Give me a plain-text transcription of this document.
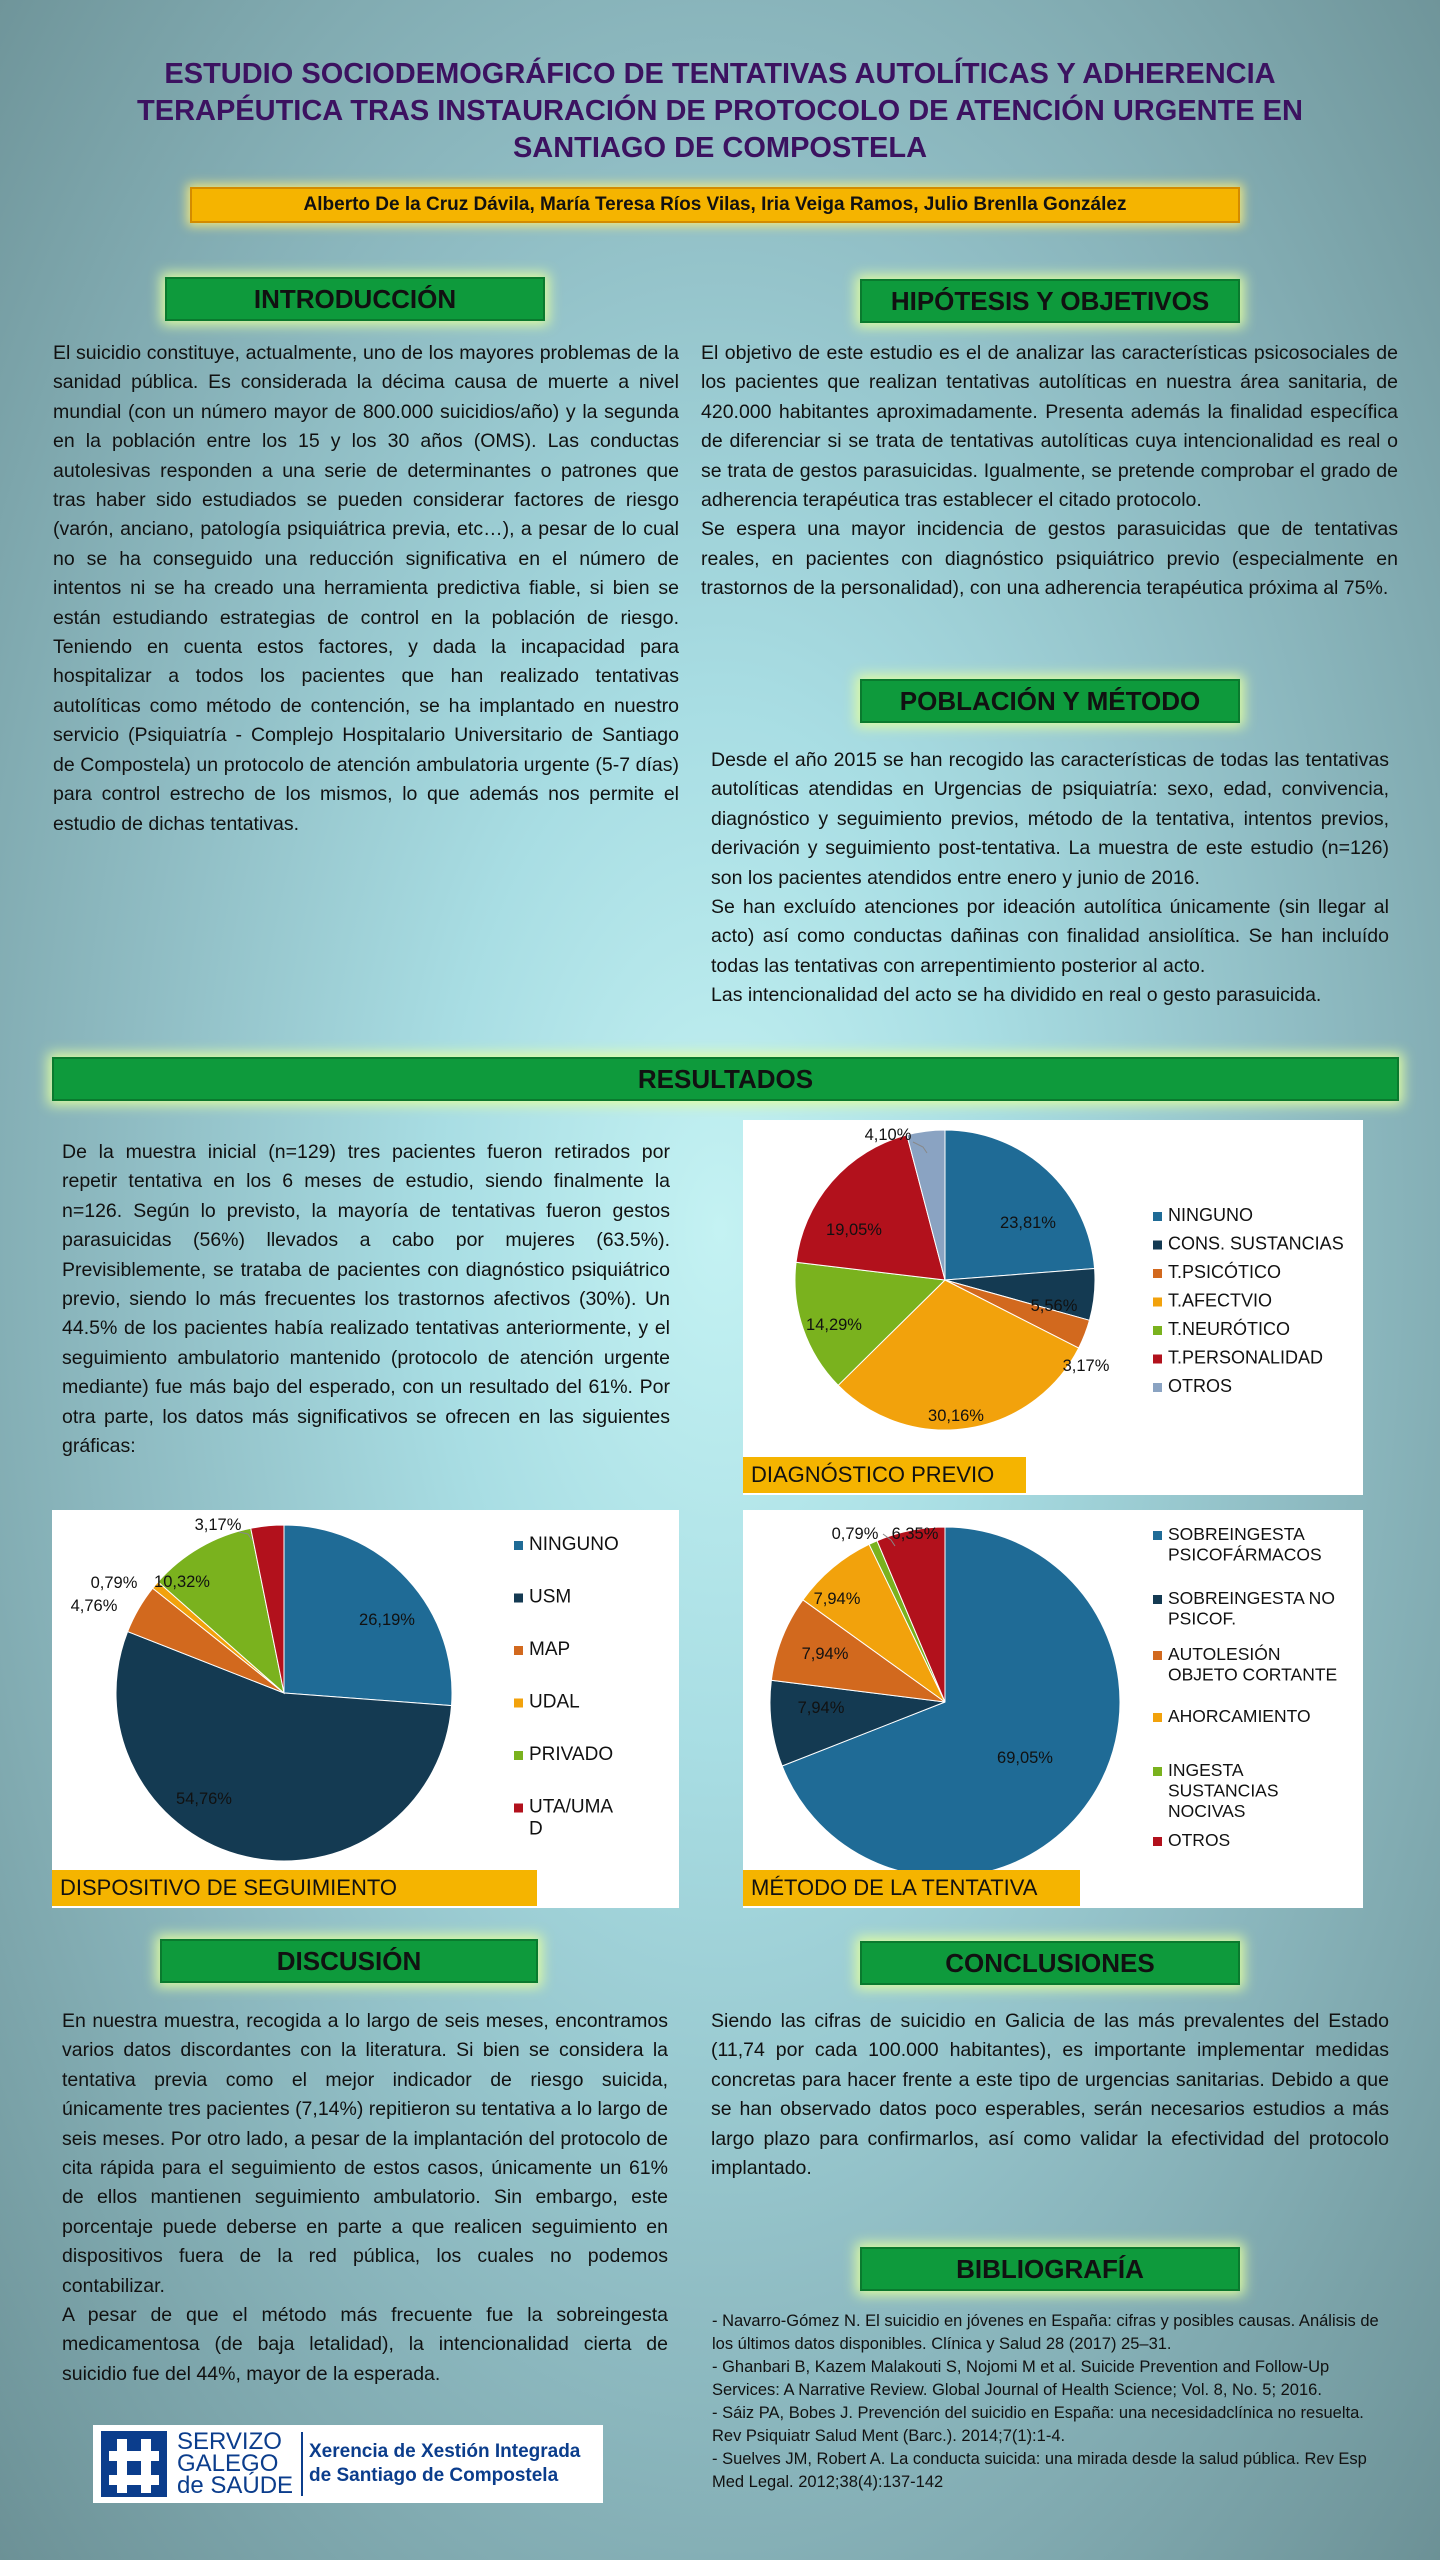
ESTUDIO SOCIODEMOGRÁFICO DE TENTATIVAS AUTOLÍTICAS Y ADHERENCIA TERAPÉUTICA TRAS INSTAURACIÓN DE PROTOCOLO DE ATENCIÓN URGENTE EN SANTIAGO DE COMPOSTELA
Alberto De la Cruz Dávila, María Teresa Ríos Vilas, Iria Veiga Ramos, Julio Brenlla González
INTRODUCCIÓN

El suicidio constituye, actualmente, uno de los mayores problemas de la sanidad pública. Es considerada la décima causa de muerte a nivel mundial (con un número mayor de 800.000 suicidios/año) y la segunda en la población entre los 15 y los 30 años (OMS). Las conductas autolesivas responden a una serie de determinantes o patrones que tras haber sido estudiados se pueden considerar factores de riesgo (varón, anciano, patología psiquiátrica previa, etc…), a pesar de lo cual no se ha conseguido una reducción significativa en el número de intentos ni se ha creado una herramienta predictiva fiable, si bien se están estudiando estrategias de control en la población de riesgo. Teniendo en cuenta estos factores, y dada la incapacidad para hospitalizar a todos los pacientes que han realizado tentativas autolíticas como método de contención, se ha implantado en nuestro servicio (Psiquiatría - Complejo Hospitalario Universitario de Santiago de Compostela) un protocolo de atención ambulatoria urgente (5-7 días) para control estrecho de los mismos, lo que además nos permite el estudio de dichas tentativas.

HIPÓTESIS Y OBJETIVOS

El objetivo de este estudio es el de analizar las características psicosociales de los pacientes que realizan tentativas autolíticas en nuestra área sanitaria, de 420.000 habitantes aproximadamente. Presenta además la finalidad específica de diferenciar si se trata de tentativas autolíticas cuya intencionalidad es real o se trata de gestos parasuicidas. Igualmente, se pretende comprobar el grado de adherencia terapéutica tras establecer el citado protocolo.

Se espera una mayor incidencia de gestos parasuicidas que de tentativas reales, en pacientes con diagnóstico psiquiátrico previo (especialmente en trastornos de la personalidad), con una adherencia terapéutica próxima al 75%.

POBLACIÓN Y MÉTODO

Desde el año 2015 se han recogido las características de todas las tentativas autolíticas atendidas en Urgencias de psiquiatría: sexo, edad, convivencia, diagnóstico y seguimiento previos, método de la tentativa, intentos previos, derivación y seguimiento post-tentativa. La muestra de este estudio (n=126) son los pacientes atendidos entre enero y junio de 2016.

Se han excluído atenciones por ideación autolítica únicamente (sin llegar al acto) así como conductas dañinas con finalidad ansiolítica. Se han incluído todas las tentativas con arrepentimiento posterior al acto.

Las intencionalidad del acto se ha dividido en real o gesto parasuicida.

RESULTADOS

De la muestra inicial (n=129) tres pacientes fueron retirados por repetir tentativa en los 6 meses de estudio, siendo finalmente la n=126. Según lo previsto, la mayoría de tentativas fueron gestos parasuicidas (56%) llevados a cabo por mujeres (63.5%). Previsiblemente, se trataba de pacientes con diagnóstico psiquiátrico previo, siendo lo más frecuentes los trastornos afectivos (30%). Un 44.5% de los pacientes había realizado tentativas anteriormente, y el seguimiento ambulatorio mantenido (protocolo de atención urgente mediante) fue más bajo del esperado, con un resultado del 61%. Por otra parte, los datos más significativos se ofrecen en las siguientes gráficas:

23,81%
5,56%
3,17%
30,16%
14,29%
19,05%
4,10%
NINGUNO
CONS. SUSTANCIAS
T.PSICÓTICO
T.AFECTVIO
T.NEURÓTICO
T.PERSONALIDAD
OTROS
DIAGNÓSTICO PREVIO
26,19%
54,76%
4,76%
0,79% 10,32%
3,17%
NINGUNO
USM
MAP
UDAL
PRIVADO
UTA/UMA
D
DISPOSITIVO DE SEGUIMIENTO
69,05%
7,94%
7,94%
7,94%
0,79% 6,35%	SOBREINGESTA
PSICOFÁRMACOS
SOBREINGESTA NO
PSICOF.
AUTOLESIÓN
OBJETO CORTANTE
AHORCAMIENTO
INGESTA
SUSTANCIAS
NOCIVAS
OTROS
MÉTODO DE LA TENTATIVA
DISCUSIÓN

En nuestra muestra, recogida a lo largo de seis meses, encontramos varios datos discordantes con la literatura. Si bien se considera la tentativa previa como el mejor indicador de riesgo suicida, únicamente tres pacientes (7,14%) repitieron su tentativa a lo largo de seis meses. Por otro lado, a pesar de la implantación del protocolo de cita rápida para el seguimiento de estos casos, únicamente un 61% de ellos mantienen seguimiento ambulatorio. Sin embargo, este porcentaje puede deberse en parte a que realicen seguimiento en dispositivos fuera de la red pública, los cuales no podemos contabilizar.

A pesar de que el método más frecuente fue la sobreingesta medicamentosa (de baja letalidad), la intencionalidad cierta de suicidio fue del 44%, mayor de la esperada.

CONCLUSIONES

Siendo las cifras de suicidio en Galicia de las más prevalentes del Estado (11,74 por cada 100.000 habitantes), es importante implementar medidas concretas para hacer frente a este tipo de urgencias sanitarias. Debido a que se han observado datos poco esperables, serán necesarios estudios a más largo plazo para confirmarlos, así como validar la efectividad del protocolo implantado.

BIBLIOGRAFÍA
- Navarro-Gómez N. El suicidio en jóvenes en España: cifras y posibles causas. Análisis de los últimos datos disponibles. Clínica y Salud 28 (2017) 25–31.
- Ghanbari B, Kazem Malakouti S, Nojomi M et al. Suicide Prevention and Follow-Up Services: A Narrative Review. Global Journal of Health Science; Vol. 8, No. 5; 2016.
- Sáiz PA, Bobes J. Prevención del suicidio en España: una necesidadclínica no resuelta. Rev Psiquiatr Salud Ment (Barc.). 2014;7(1):1-4.
- Suelves JM, Robert A. La conducta suicida: una mirada desde la salud pública. Rev Esp Med Legal. 2012;38(4):137-142
SERVIZO
GALEGO
de SAÚDE
Xerencia de Xestión Integrada
de Santiago de Compostela
